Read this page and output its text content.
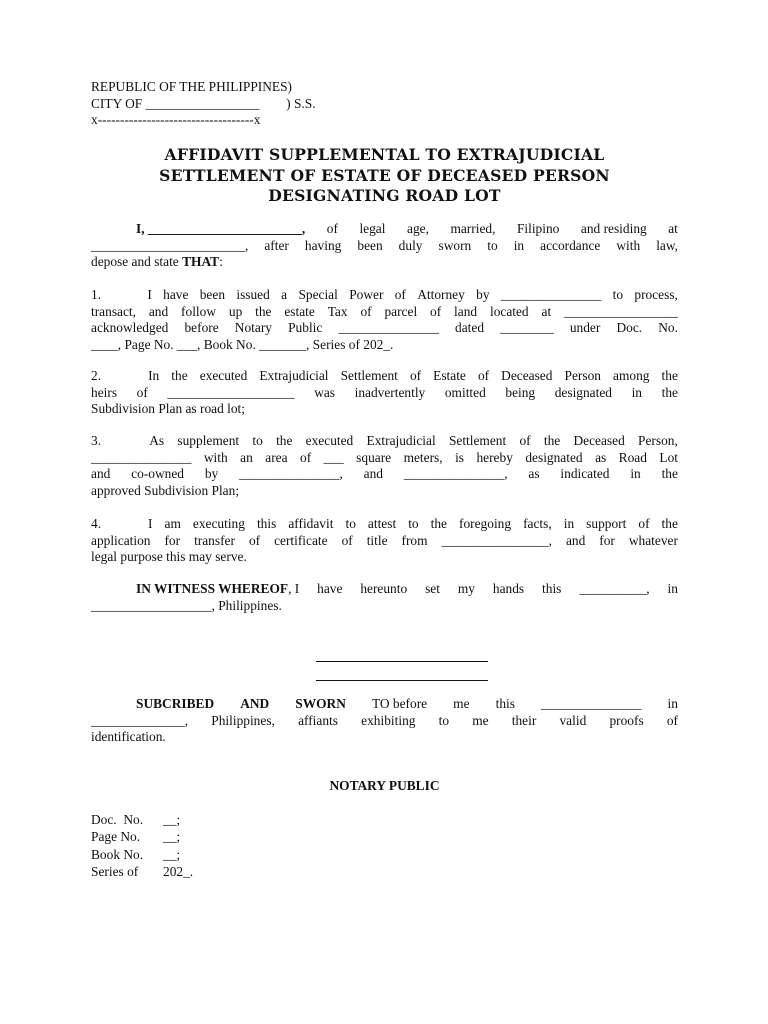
REPUBLIC OF THE PHILIPPINES)
CITY OF _________________        ) S.S.
x-----------------------------------x
AFFIDAVIT SUPPLEMENTAL TO EXTRAJUDICIAL
SETTLEMENT OF ESTATE OF DECEASED PERSON
DESIGNATING ROAD LOT
I, _______________________, of legal age, married, Filipino and residing at
_______________________, after having been duly sworn to in accordance with law,
depose and state THAT :
1.	I have been issued a Special Power of Attorney by _______________ to process,
transact, and follow up the estate Tax of parcel of land located at _________________
acknowledged before Notary Public _______________ dated ________ under Doc. No.
____, Page No. ___, Book No. _______, Series of 202_.
2.	In the executed Extrajudicial Settlement of Estate of Deceased Person among the
heirs of ___________________ was inadvertently omitted being designated in the
Subdivision Plan as road lot;
3.	As supplement to the executed Extrajudicial Settlement of the Deceased Person,
_______________ with an area of ___ square meters, is hereby designated as Road Lot
and co-owned by _______________, and _______________, as indicated in the
approved Subdivision Plan;
4.	I am executing this affidavit to attest to the foregoing facts, in support of the
application for transfer of certificate of title from ________________, and for whatever
legal purpose this may serve.
IN WITNESS WHEREOF, I have hereunto set my hands this __________, in
__________________, Philippines.
SUBCRIBED AND SWORN TO before me this _______________ in
______________, Philippines, affiants exhibiting to me their valid proofs of
identification.
NOTARY PUBLIC
Doc.  No. __;
Page No. __;
Book No. __;
Series of 202_.
